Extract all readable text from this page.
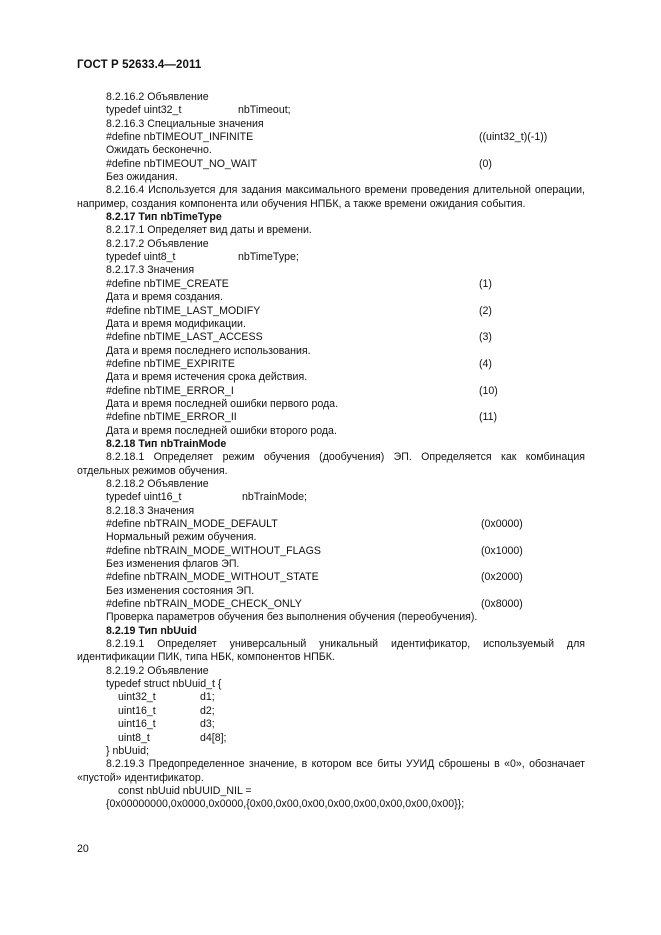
ГОСТ Р 52633.4—2011
8.2.16.2 Объявление
typedef uint32_t	nbTimeout;
8.2.16.3 Специальные значения
#define nbTIMEOUT_INFINITE	((uint32_t)(-1))
Ожидать бесконечно.
#define nbTIMEOUT_NO_WAIT	(0)
Без ожидания.
8.2.16.4 Используется для задания максимального времени проведения длительной операции, например, создания компонента или обучения НПБК, а также времени ожидания события.
8.2.17 Тип nbTimeType
8.2.17.1 Определяет вид даты и времени.
8.2.17.2 Объявление
typedef uint8_t	nbTimeType;
8.2.17.3 Значения
#define nbTIME_CREATE	(1)
Дата и время создания.
#define nbTIME_LAST_MODIFY	(2)
Дата и время модификации.
#define nbTIME_LAST_ACCESS	(3)
Дата и время последнего использования.
#define nbTIME_EXPIRITE	(4)
Дата и время истечения срока действия.
#define nbTIME_ERROR_I	(10)
Дата и время последней ошибки первого рода.
#define nbTIME_ERROR_II	(11)
Дата и время последней ошибки второго рода.
8.2.18 Тип nbTrainMode
8.2.18.1 Определяет режим обучения (дообучения) ЭП. Определяется как комбинация отдельных режимов обучения.
8.2.18.2 Объявление
typedef uint16_t	nbTrainMode;
8.2.18.3 Значения
#define nbTRAIN_MODE_DEFAULT	(0x0000)
Нормальный режим обучения.
#define nbTRAIN_MODE_WITHOUT_FLAGS	(0x1000)
Без изменения флагов ЭП.
#define nbTRAIN_MODE_WITHOUT_STATE	(0x2000)
Без изменения состояния ЭП.
#define nbTRAIN_MODE_CHECK_ONLY	(0x8000)
Проверка параметров обучения без выполнения обучения (переобучения).
8.2.19 Тип nbUuid
8.2.19.1 Определяет универсальный уникальный идентификатор, используемый для идентификации ПИК, типа НБК, компонентов НПБК.
8.2.19.2 Объявление
typedef struct nbUuid_t {
uint32_t	d1;
uint16_t	d2;
uint16_t	d3;
uint8_t	d4[8];
} nbUuid;
8.2.19.3 Предопределенное значение, в котором все биты УУИД сброшены в «0», обозначает «пустой» идентификатор.
const nbUuid nbUUID_NIL =
{0x00000000,0x0000,0x0000,{0x00,0x00,0x00,0x00,0x00,0x00,0x00,0x00}};
20
